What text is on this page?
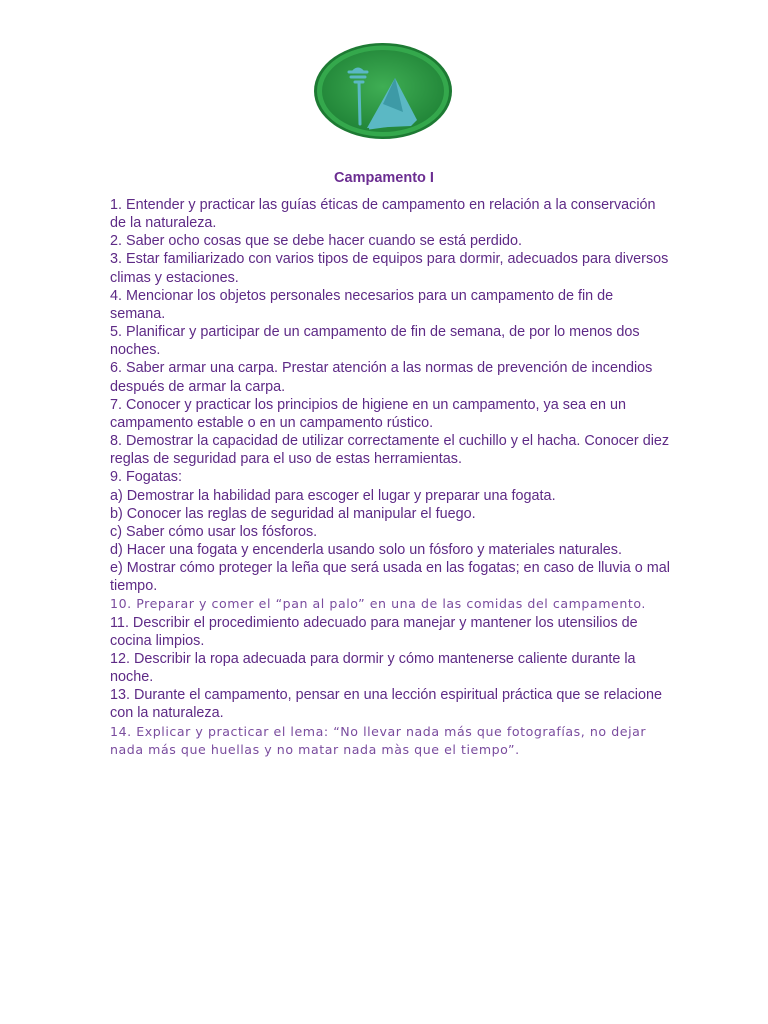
Campamento I

1. Entender y practicar las guías éticas de campamento en relación a la conservación de la naturaleza.

2. Saber ocho cosas que se debe hacer cuando se está perdido.

3. Estar familiarizado con varios tipos de equipos para dormir, adecuados para diversos climas y estaciones.

4. Mencionar los objetos personales necesarios para un campamento de fin de semana.

5. Planificar y participar de un campamento de fin de semana, de por lo menos dos noches.

6. Saber armar una carpa. Prestar atención a las normas de prevención de incendios después de armar la carpa.

7. Conocer y practicar los principios de higiene en un campamento, ya sea en un campamento estable o en un campamento rústico.

8. Demostrar la capacidad de utilizar correctamente el cuchillo y el hacha. Conocer diez reglas de seguridad para el uso de estas herramientas.

9. Fogatas:

a) Demostrar la habilidad para escoger el lugar y preparar una fogata.

b) Conocer las reglas de seguridad al manipular el fuego.

c) Saber cómo usar los fósforos.

d) Hacer una fogata y encenderla usando solo un fósforo y materiales naturales.

e) Mostrar cómo proteger la leña que será usada en las fogatas; en caso de lluvia o mal tiempo.

10. Preparar y comer el “pan al palo” en una de las comidas del campamento.

11. Describir el procedimiento adecuado para manejar y mantener los utensilios de cocina limpios.

12. Describir la ropa adecuada para dormir y cómo mantenerse caliente durante la noche.

13. Durante el campamento, pensar en una lección espiritual práctica que se relacione con la naturaleza.

14. Explicar y practicar el lema: “No llevar nada más que fotografías, no dejar nada más que huellas y no matar nada màs que el tiempo”.
